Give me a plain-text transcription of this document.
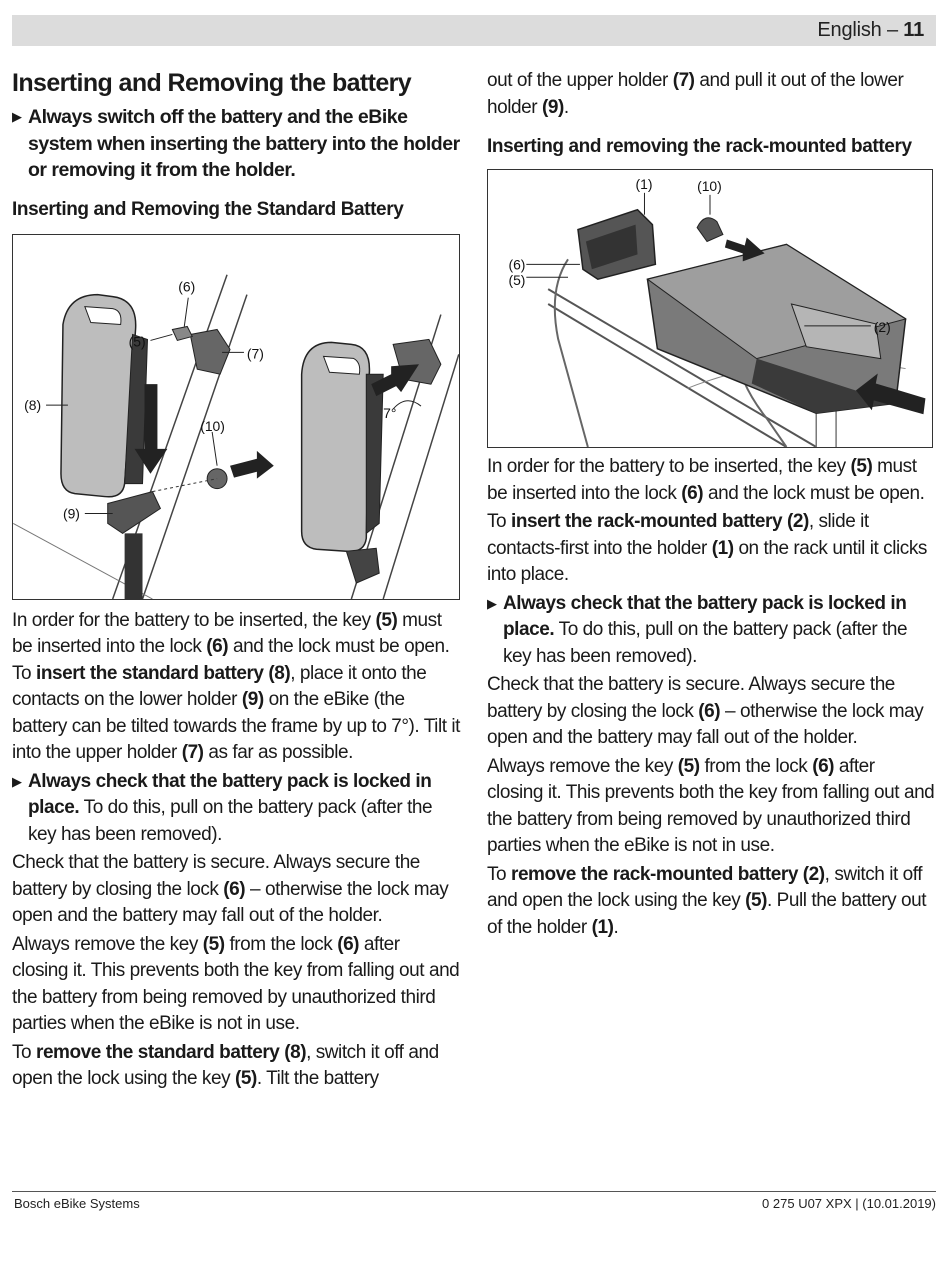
English – 11
Inserting and Removing the battery
▶ Always switch off the battery and the eBike system when inserting the battery into the holder or removing it from the holder.
Inserting and Removing the Standard Battery
(6)
(5)
(7)
(8)
(10)
(9)
7°

In order for the battery to be inserted, the key (5) must be inserted into the lock (6) and the lock must be open.

To insert the standard battery (8), place it onto the contacts on the lower holder (9) on the eBike (the battery can be tilted towards the frame by up to 7°). Tilt it into the upper holder (7) as far as possible.

▶ Always check that the battery pack is locked in place. To do this, pull on the battery pack (after the key has been removed).

Check that the battery is secure. Always secure the battery by closing the lock (6) – otherwise the lock may open and the battery may fall out of the holder.

Always remove the key (5) from the lock (6) after closing it. This prevents both the key from falling out and the battery from being removed by unauthorized third parties when the eBike is not in use.

To remove the standard battery (8), switch it off and open the lock using the key (5). Tilt the battery

out of the upper holder (7) and pull it out of the lower holder (9).

Inserting and removing the rack-mounted battery
(1)	(10)
(6)
(5)
(2)

In order for the battery to be inserted, the key (5) must be inserted into the lock (6) and the lock must be open.

To insert the rack-mounted battery (2), slide it contacts-first into the holder (1) on the rack until it clicks into place.

▶ Always check that the battery pack is locked in place. To do this, pull on the battery pack (after the key has been removed).

Check that the battery is secure. Always secure the battery by closing the lock (6) – otherwise the lock may open and the battery may fall out of the holder.

Always remove the key (5) from the lock (6) after closing it. This prevents both the key from falling out and the battery from being removed by unauthorized third parties when the eBike is not in use.

To remove the rack-mounted battery (2), switch it off and open the lock using the key (5). Pull the battery out of the holder (1).

Bosch eBike Systems	0 275 U07 XPX | (10.01.2019)
